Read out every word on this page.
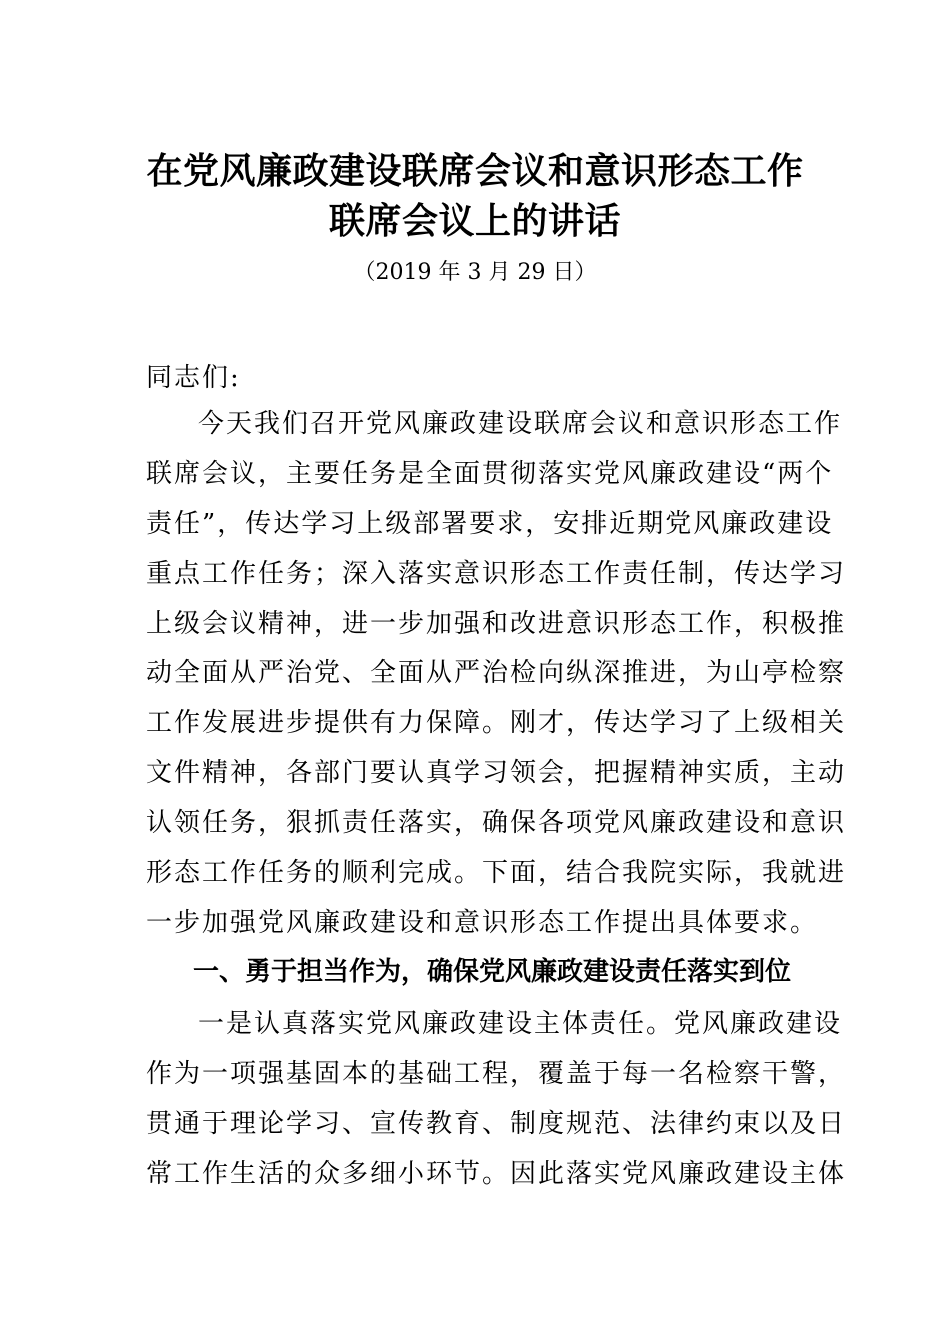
在党风廉政建设联席会议和意识形态工作
联席会议上的讲话
（2019 年 3 月 29 日）
同志们:
今天我们召开党风廉政建设联席会议和意识形态工作
联席会议，主要任务是全面贯彻落实党风廉政建设“两个
责任”，传达学习上级部署要求，安排近期党风廉政建设
重点工作任务；深入落实意识形态工作责任制，传达学习
上级会议精神，进一步加强和改进意识形态工作，积极推
动全面从严治党、全面从严治检向纵深推进，为山亭检察
工作发展进步提供有力保障。刚才，传达学习了上级相关
文件精神，各部门要认真学习领会，把握精神实质，主动
认领任务，狠抓责任落实，确保各项党风廉政建设和意识
形态工作任务的顺利完成。下面，结合我院实际，我就进
一步加强党风廉政建设和意识形态工作提出具体要求。
一、勇于担当作为，确保党风廉政建设责任落实到位
一是认真落实党风廉政建设主体责任。党风廉政建设
作为一项强基固本的基础工程，覆盖于每一名检察干警，
贯通于理论学习、宣传教育、制度规范、法律约束以及日
常工作生活的众多细小环节。因此落实党风廉政建设主体
